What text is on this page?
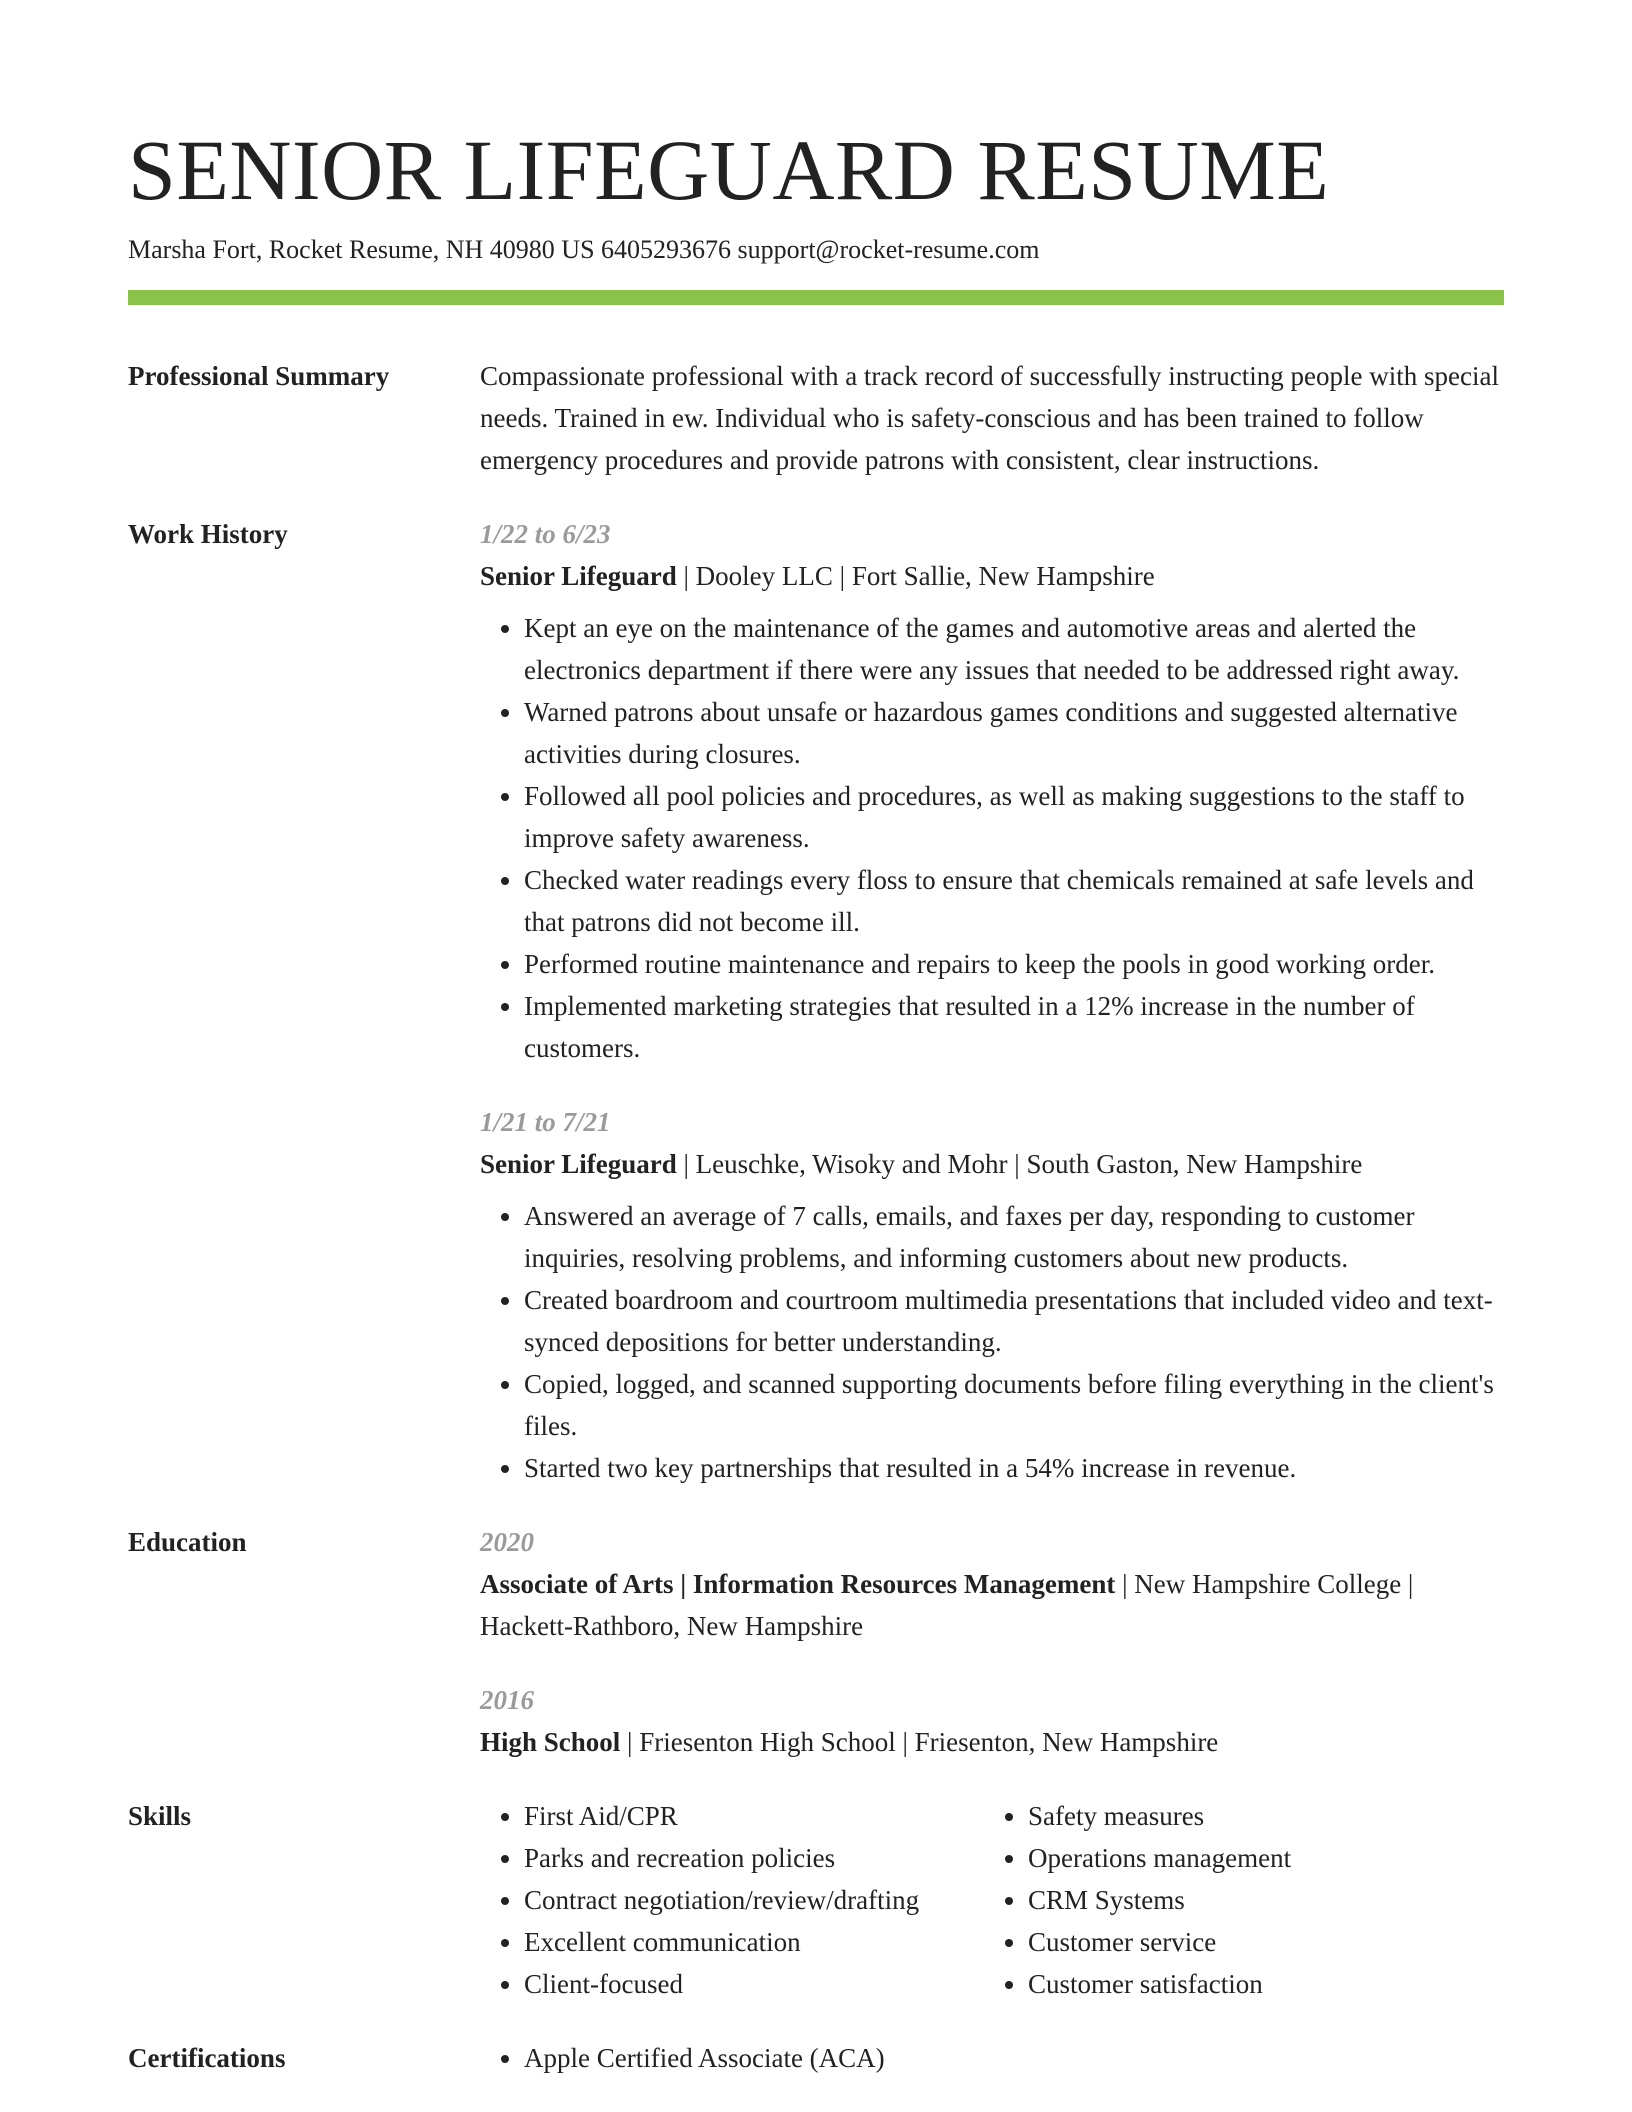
SENIOR LIFEGUARD RESUME
Marsha Fort, Rocket Resume, NH 40980 US 6405293676 support@rocket-resume.com
Professional Summary	Compassionate professional with a track record of successfully instructing people with special needs. Trained in ew. Individual who is safety-conscious and has been trained to follow emergency procedures and provide patrons with consistent, clear instructions.
Work History	1/22 to 6/23
Senior Lifeguard | Dooley LLC | Fort Sallie, New Hampshire
• Kept an eye on the maintenance of the games and automotive areas and alerted the electronics department if there were any issues that needed to be addressed right away.
• Warned patrons about unsafe or hazardous games conditions and suggested alternative activities during closures.
• Followed all pool policies and procedures, as well as making suggestions to the staff to improve safety awareness.
• Checked water readings every floss to ensure that chemicals remained at safe levels and that patrons did not become ill.
• Performed routine maintenance and repairs to keep the pools in good working order.
• Implemented marketing strategies that resulted in a 12% increase in the number of customers.
1/21 to 7/21
Senior Lifeguard | Leuschke, Wisoky and Mohr | South Gaston, New Hampshire
• Answered an average of 7 calls, emails, and faxes per day, responding to customer inquiries, resolving problems, and informing customers about new products.
• Created boardroom and courtroom multimedia presentations that included video and text-synced depositions for better understanding.
• Copied, logged, and scanned supporting documents before filing everything in the client's files.
• Started two key partnerships that resulted in a 54% increase in revenue.
Education	2020
Associate of Arts | Information Resources Management | New Hampshire College | Hackett-Rathboro, New Hampshire
2016
High School | Friesenton High School | Friesenton, New Hampshire
Skills	• First Aid/CPR
• Parks and recreation policies
• Contract negotiation/review/drafting
• Excellent communication
• Client-focused
• Safety measures
• Operations management
• CRM Systems
• Customer service
• Customer satisfaction
Certifications	• Apple Certified Associate (ACA)
